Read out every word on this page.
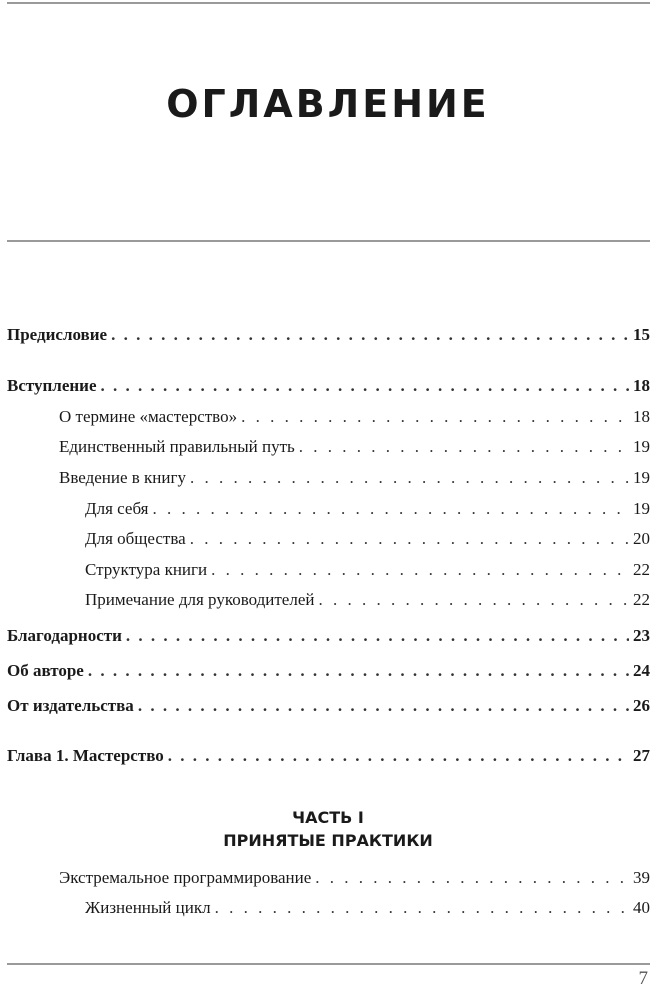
ОГЛАВЛЕНИЕ
Предисловие . . .	15
Вступление . . .	18
О термине «мастерство» . . .	18
Единственный правильный путь . . .	19
Введение в книгу . . .	19
Для себя . . .	19
Для общества . . .	20
Структура книги . . .	22
Примечание для руководителей . . .	22
Благодарности . . .	23
Об авторе . . .	24
От издательства . . .	26
Глава 1. Мастерство . . .	27
ЧАСТЬ I
ПРИНЯТЫЕ ПРАКТИКИ
Экстремальное программирование . . .	39
Жизненный цикл . . .	40
7
